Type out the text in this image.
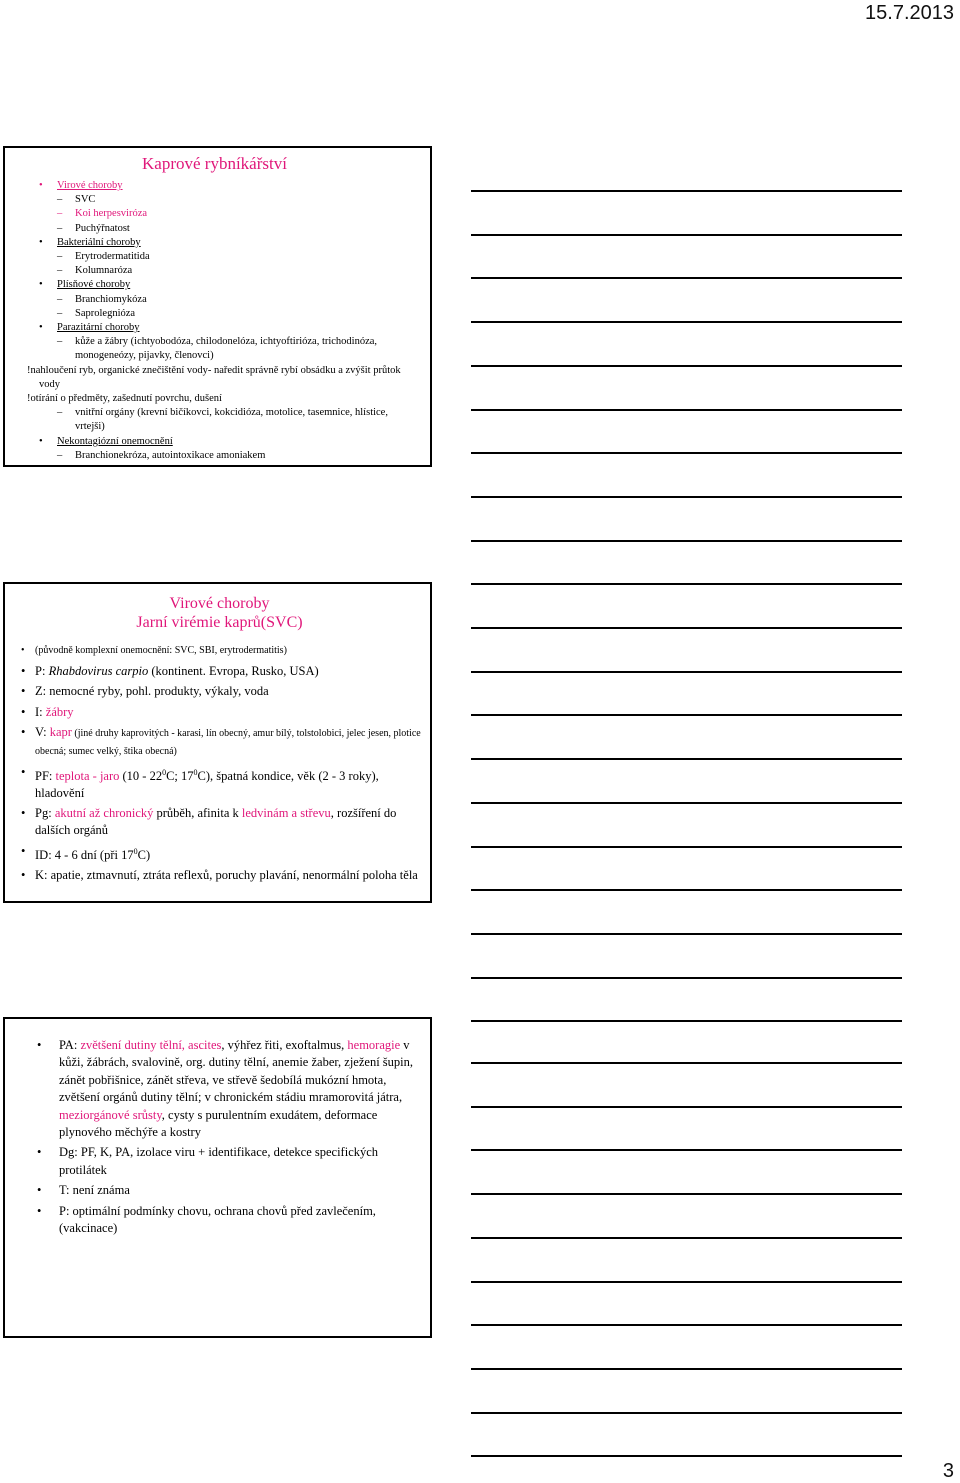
15.7.2013
Kaprové rybníkářství
• Virové choroby
– SVC
– Koi herpesviróza
– Puchýřnatost
• Bakteriální choroby
– Erytrodermatitida
– Kolumnaróza
• Plísňové choroby
– Branchiomykóza
– Saprolegnióza
• Parazitární choroby
– kůže a žábry (ichtyobodóza, chilodonelóza, ichtyoftirióza, trichodinóza, monogeneózy, pijavky, členovci)
!nahloučení ryb, organické znečištění vody- naředit správně rybí obsádku a zvýšit průtok vody
!otírání o předměty, zašednutí povrchu, dušení
– vnitřní orgány (krevní bičíkovci, kokcidióza, motolice, tasemnice, hlístice, vrtejši)
• Nekontagiózní onemocnění
– Branchionekróza, autointoxikace amoniakem
Virové choroby
Jarní virémie kaprů(SVC)
• (původně komplexní onemocnění: SVC, SBI, erytrodermatitis)
• P: Rhabdovirus carpio (kontinent. Evropa, Rusko, USA)
• Z: nemocné ryby, pohl. produkty, výkaly, voda
• I: žábry
• V: kapr (jiné druhy kaprovitých - karasi, lín obecný, amur bílý, tolstolobici, jelec jesen, plotice obecná; sumec velký, štika obecná)
• PF: teplota - jaro ($10 - 22^0C$; $17^0C$), špatná kondice, věk (2 - 3 roky), hladovění
• Pg: akutní až chronický průběh, afinita k ledvinám a střevu, rozšíření do dalších orgánů
• ID: 4 - 6 dní (při $17^0C$)
• K: apatie, ztmavnutí, ztráta reflexů, poruchy plavání, nenormální poloha těla
• PA: zvětšení dutiny tělní, ascites, výhřez řiti, exoftalmus, hemoragie v kůži, žábrách, svalovině, org. dutiny tělní, anemie žaber, zježení šupin, zánět pobřišnice, zánět střeva, ve střevě šedobílá mukózní hmota, zvětšení orgánů dutiny tělní; v chronickém stádiu mramorovitá játra, meziorgánové srůsty, cysty s purulentním exudátem, deformace plynového měchýře a kostry
• Dg: PF, K, PA, izolace viru + identifikace, detekce specifických protilátek
• T: není známa
• P: optimální podmínky chovu, ochrana chovů před zavlečením, (vakcinace)
3
